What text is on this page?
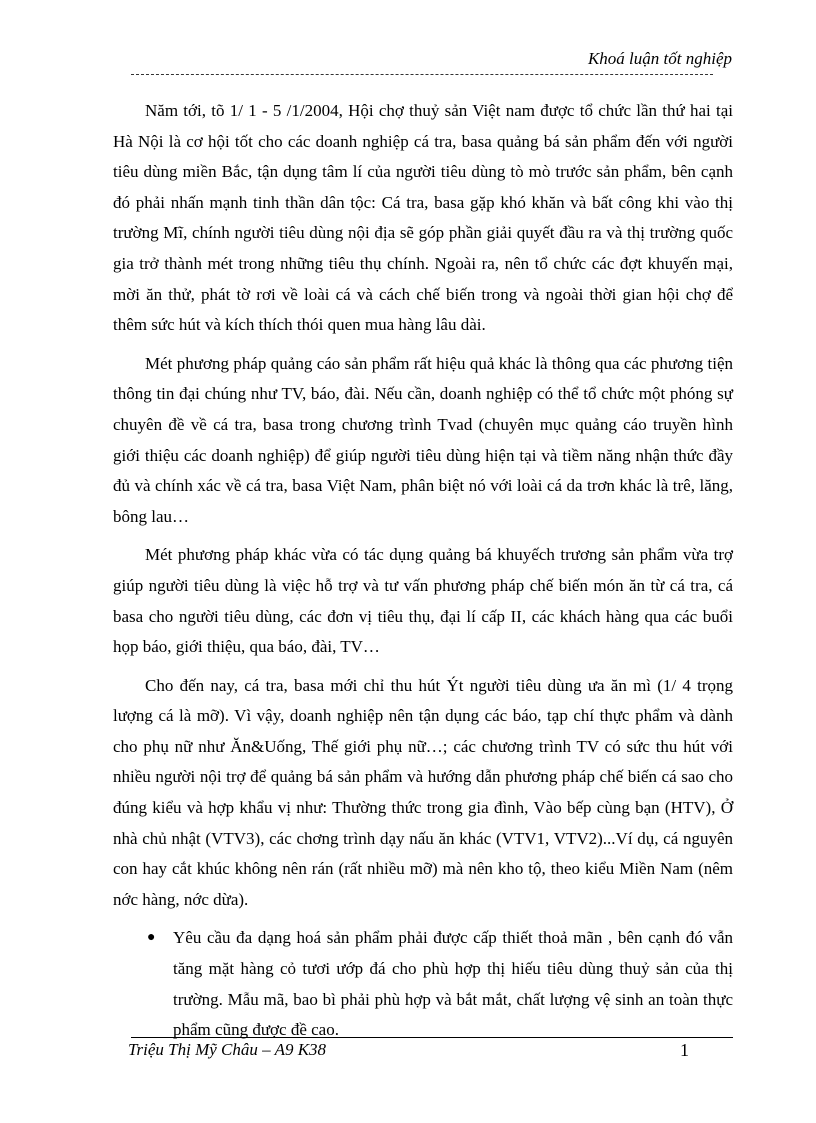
Khoá luận tốt nghiệp

Năm tới, tõ 1/ 1 - 5 /1/2004, Hội chợ thuỷ sản Việt nam được tổ chức lần thứ hai tại Hà Nội là cơ hội tốt cho các doanh nghiệp cá tra, basa quảng bá sản phẩm đến với người tiêu dùng miền Bắc, tận dụng tâm lí của người tiêu dùng tò mò trước sản phẩm, bên cạnh đó phải nhấn mạnh tinh thần dân tộc: Cá tra, basa gặp khó khăn và bất công khi vào thị trường Mĩ, chính người tiêu dùng nội địa sẽ góp phần giải quyết đầu ra và thị trường quốc gia trở thành mét trong những tiêu thụ chính. Ngoài ra, nên tổ chức các đợt khuyến mại, mời ăn thử, phát tờ rơi về loài cá và cách chế biến trong và ngoài thời gian hội chợ để thêm sức hút và kích thích thói quen mua hàng lâu dài.

Mét phương pháp quảng cáo sản phẩm rất hiệu quả khác là thông qua các phương tiện thông tin đại chúng như TV, báo, đài. Nếu cần, doanh nghiệp có thể tổ chức một phóng sự chuyên đề về cá tra, basa trong chương trình Tvad (chuyên mục quảng cáo truyền hình giới thiệu các doanh nghiệp) để giúp người tiêu dùng hiện tại và tiềm năng nhận thức đầy đủ và chính xác về cá tra, basa Việt Nam, phân biệt nó với loài cá da trơn khác là trê, lăng, bông lau…

Mét phương pháp khác vừa có tác dụng quảng bá khuyếch trương sản phẩm vừa trợ giúp người tiêu dùng là việc hỗ trợ và tư vấn phương pháp chế biến món ăn từ cá tra, cá basa cho người tiêu dùng, các đơn vị tiêu thụ, đại lí cấp II, các khách hàng qua các buổi họp báo, giới thiệu, qua báo, đài, TV…

Cho đến nay, cá tra, basa mới chỉ thu hút Ýt người tiêu dùng ưa ăn mì (1/ 4 trọng lượng cá là mỡ). Vì vậy, doanh nghiệp nên tận dụng các báo, tạp chí thực phẩm và dành cho phụ nữ như Ăn&Uống, Thế giới phụ nữ…; các chương trình TV có sức thu hút với nhiều người nội trợ để quảng bá sản phẩm và hướng dẫn phương pháp chế biến cá sao cho đúng kiểu và hợp khẩu vị như: Thường thức trong gia đình, Vào bếp cùng bạn (HTV), Ở nhà chủ nhật (VTV3), các chơng trình dạy nấu ăn khác (VTV1, VTV2)...Ví dụ, cá nguyên con hay cắt khúc không nên rán (rất nhiều mỡ) mà nên kho tộ, theo kiểu Miền Nam (nêm nớc hàng, nớc dừa).

● Yêu cầu đa dạng hoá sản phẩm phải được cấp thiết thoả mãn , bên cạnh đó vẫn tăng mặt hàng cỏ tươi ướp đá cho phù hợp thị hiếu tiêu dùng thuỷ sản của thị trường. Mẫu mã, bao bì phải phù hợp và bắt mắt, chất lượng vệ sinh an toàn thực phẩm cũng được đề cao.
Triệu Thị Mỹ Châu – A9 K38	1
